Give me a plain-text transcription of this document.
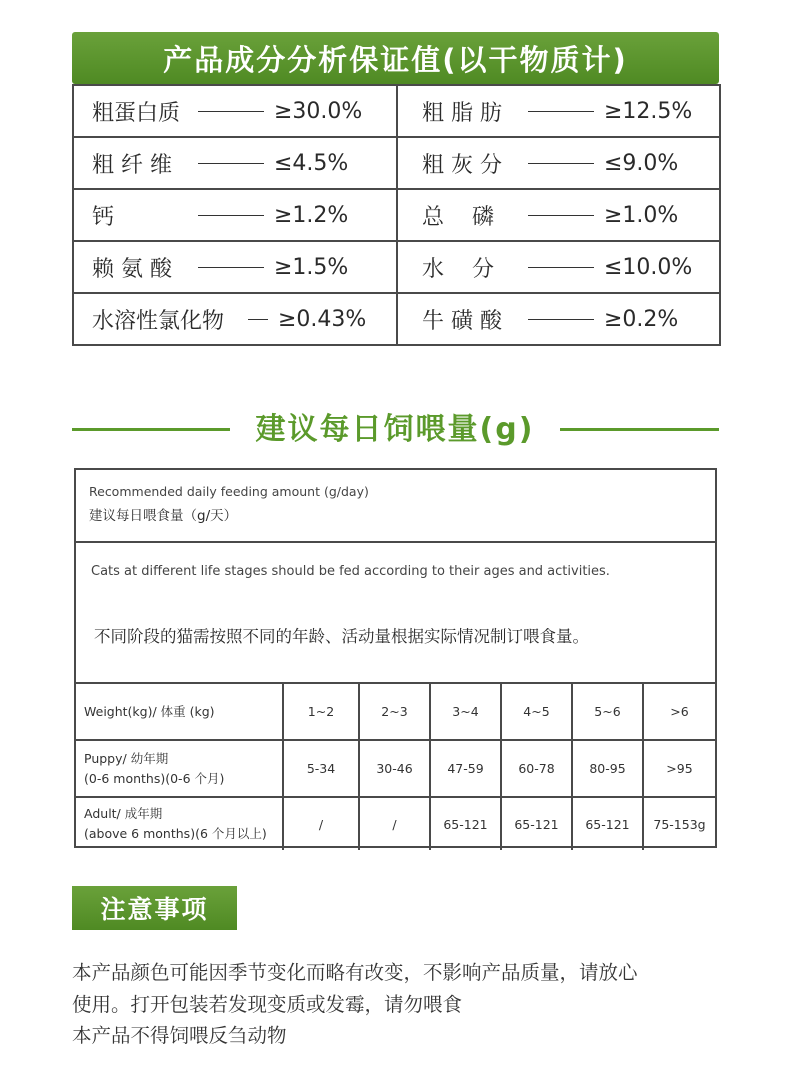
产品成分分析保证值(以干物质计)
粗蛋白质 ≥30.0%	粗 脂 肪 ≥12.5%

粗 纤 维 ≤4.5%	粗 灰 分 ≤9.0%

钙 ≥1.2%	总    磷 ≥1.0%

赖 氨 酸 ≥1.5%	水    分 ≤10.0%

水溶性氯化物 ≥0.43%	牛 磺 酸 ≥0.2%
建议每日饲喂量(g)
Recommended daily feeding amount (g/day)
建议每日喂食量（g/天）
Cats at different life stages should be fed according to their ages and activities.
不同阶段的猫需按照不同的年龄、活动量根据实际情况制订喂食量。
Weight(kg)/ 体重 (kg)	1~2	2~3	3~4	4~5	5~6	>6

Puppy/ 幼年期
(0-6 months)(0-6 个月)	5-34	30-46	47-59	60-78	80-95	>95

Adult/ 成年期
(above 6 months)(6 个月以上)	/	/	65-121	65-121	65-121	75-153g
注意事项
本产品颜色可能因季节变化而略有改变，不影响产品质量，请放心
使用。打开包装若发现变质或发霉，请勿喂食
本产品不得饲喂反刍动物
